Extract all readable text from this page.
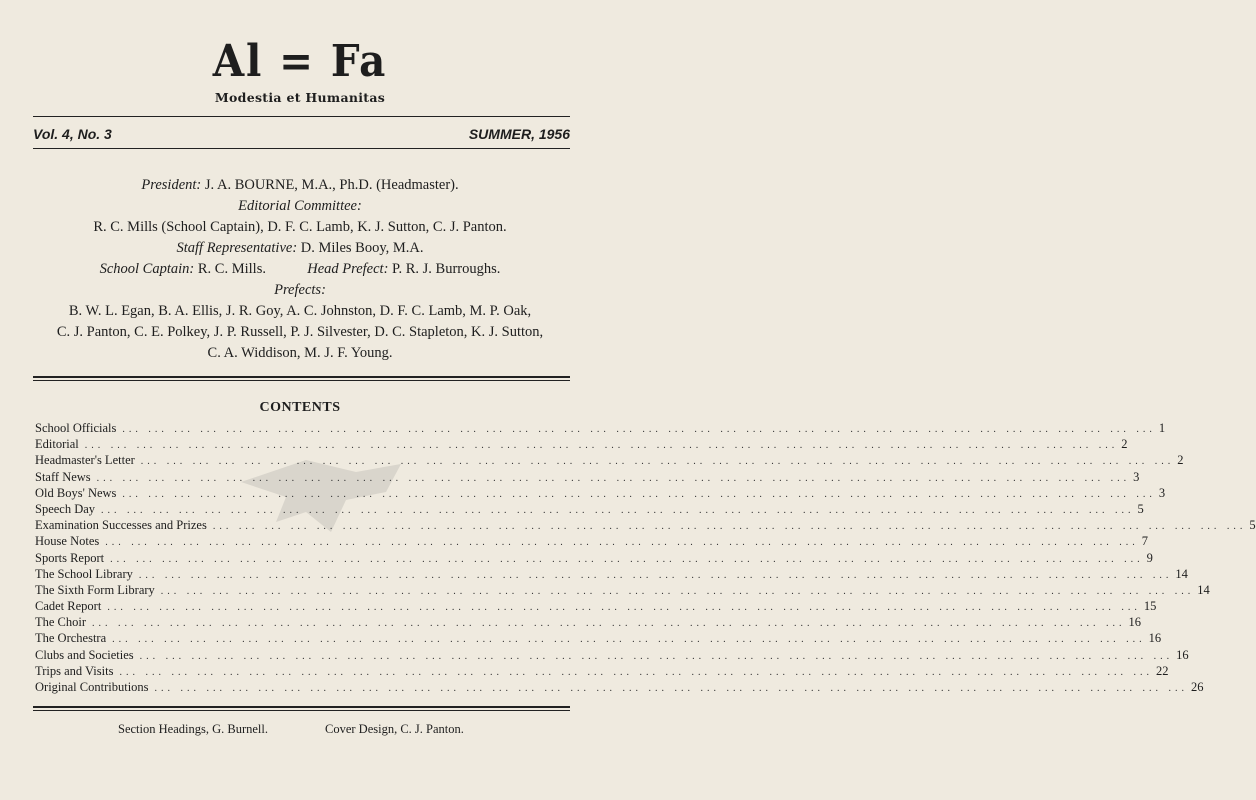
Al = Fa
Modestia et Humanitas
Vol. 4, No. 3	SUMMER, 1956
President: J. A. BOURNE, M.A., Ph.D. (Headmaster).
Editorial Committee:
R. C. Mills (School Captain), D. F. C. Lamb, K. J. Sutton, C. J. Panton.
Staff Representative: D. Miles Booy, M.A.
School Captain: R. C. Mills.	Head Prefect: P. R. J. Burroughs.
Prefects:
B. W. L. Egan, B. A. Ellis, J. R. Goy, A. C. Johnston, D. F. C. Lamb, M. P. Oak,
C. J. Panton, C. E. Polkey, J. P. Russell, P. J. Silvester, D. C. Stapleton, K. J. Sutton,
C. A. Widdison, M. J. F. Young.
CONTENTS
School Officials ... ... ... ... ... ... ... ... ... ... ... ... ... ... ... ... ... ... ... ... ... ... ... ... ... ... ... ... ... ... ... ... ... ... ... ... ... ... ... ... 1
Editorial ... ... ... ... ... ... ... ... ... ... ... ... ... ... ... ... ... ... ... ... ... ... ... ... ... ... ... ... ... ... ... ... ... ... ... ... ... ... ... ... 2
Headmaster's Letter ... ... ... ... ... ... ... ... ... ... ... ... ... ... ... ... ... ... ... ... ... ... ... ... ... ... ... ... ... ... ... ... ... ... ... ... ... ... ... ... 2
Staff News ... ... ... ... ... ... ... ... ... ... ... ... ... ... ... ... ... ... ... ... ... ... ... ... ... ... ... ... ... ... ... ... ... ... ... ... ... ... ... ... 3
Old Boys' News ... ... ... ... ... ... ... ... ... ... ... ... ... ... ... ... ... ... ... ... ... ... ... ... ... ... ... ... ... ... ... ... ... ... ... ... ... ... ... ... 3
Speech Day ... ... ... ... ... ... ... ... ... ... ... ... ... ... ... ... ... ... ... ... ... ... ... ... ... ... ... ... ... ... ... ... ... ... ... ... ... ... ... ... 5
Examination Successes and Prizes ... ... ... ... ... ... ... ... ... ... ... ... ... ... ... ... ... ... ... ... ... ... ... ... ... ... ... ... ... ... ... ... ... ... ... ... ... ... ... ... 5
House Notes ... ... ... ... ... ... ... ... ... ... ... ... ... ... ... ... ... ... ... ... ... ... ... ... ... ... ... ... ... ... ... ... ... ... ... ... ... ... ... ... 7
Sports Report ... ... ... ... ... ... ... ... ... ... ... ... ... ... ... ... ... ... ... ... ... ... ... ... ... ... ... ... ... ... ... ... ... ... ... ... ... ... ... ... 9
The School Library ... ... ... ... ... ... ... ... ... ... ... ... ... ... ... ... ... ... ... ... ... ... ... ... ... ... ... ... ... ... ... ... ... ... ... ... ... ... ... ... 14
The Sixth Form Library ... ... ... ... ... ... ... ... ... ... ... ... ... ... ... ... ... ... ... ... ... ... ... ... ... ... ... ... ... ... ... ... ... ... ... ... ... ... ... ... 14
Cadet Report ... ... ... ... ... ... ... ... ... ... ... ... ... ... ... ... ... ... ... ... ... ... ... ... ... ... ... ... ... ... ... ... ... ... ... ... ... ... ... ... 15
The Choir ... ... ... ... ... ... ... ... ... ... ... ... ... ... ... ... ... ... ... ... ... ... ... ... ... ... ... ... ... ... ... ... ... ... ... ... ... ... ... ... 16
The Orchestra ... ... ... ... ... ... ... ... ... ... ... ... ... ... ... ... ... ... ... ... ... ... ... ... ... ... ... ... ... ... ... ... ... ... ... ... ... ... ... ... 16
Clubs and Societies ... ... ... ... ... ... ... ... ... ... ... ... ... ... ... ... ... ... ... ... ... ... ... ... ... ... ... ... ... ... ... ... ... ... ... ... ... ... ... ... 16
Trips and Visits ... ... ... ... ... ... ... ... ... ... ... ... ... ... ... ... ... ... ... ... ... ... ... ... ... ... ... ... ... ... ... ... ... ... ... ... ... ... ... ... 22
Original Contributions ... ... ... ... ... ... ... ... ... ... ... ... ... ... ... ... ... ... ... ... ... ... ... ... ... ... ... ... ... ... ... ... ... ... ... ... ... ... ... ... 26
Section Headings, G. Burnell.	Cover Design, C. J. Panton.
